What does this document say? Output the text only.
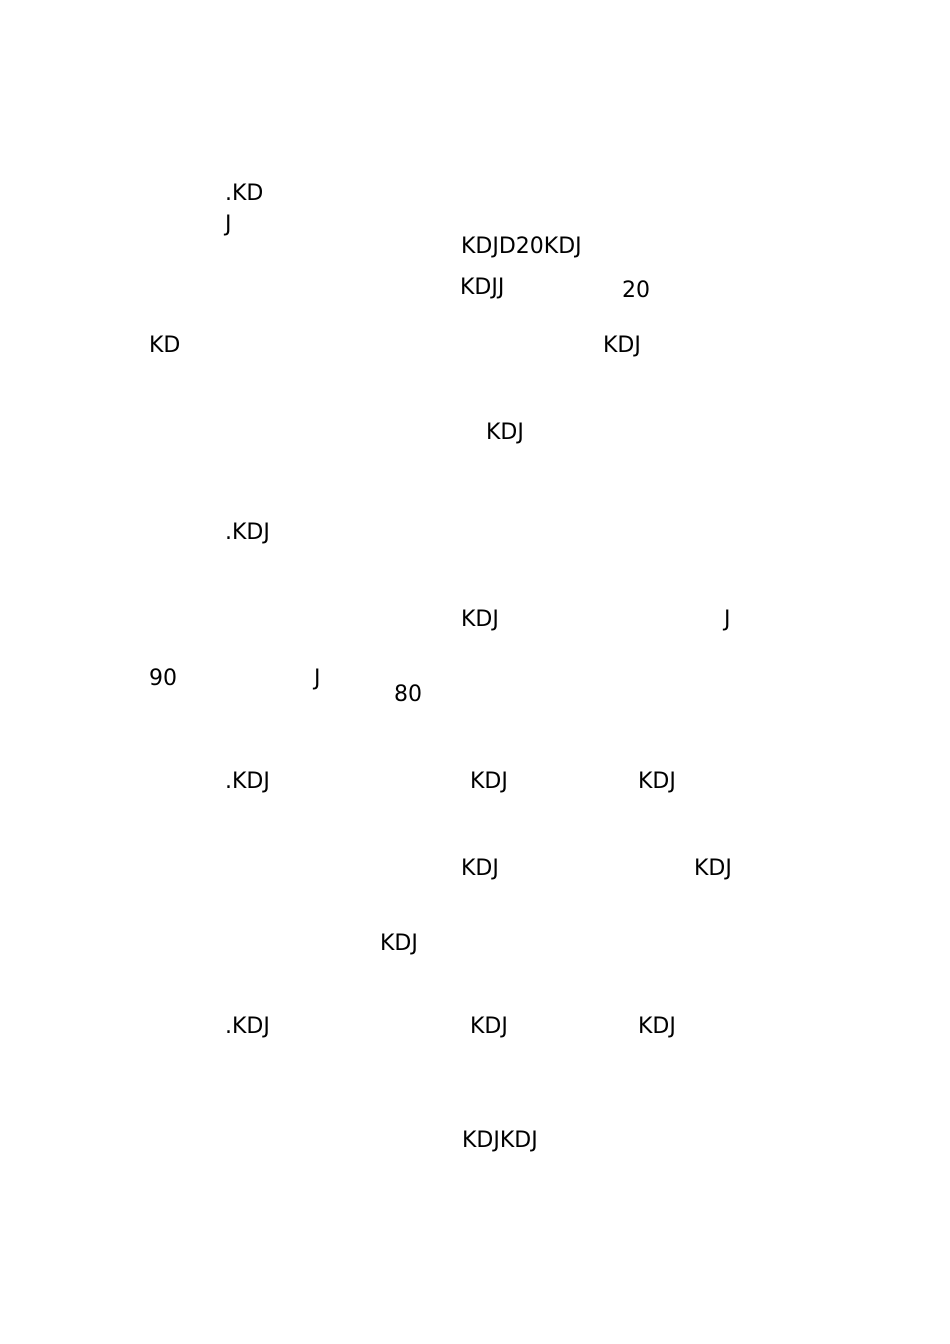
.KD
J
KDJD20KDJ
KDJJ	20
KD	KDJ
KDJ
.KDJ
KDJ	J
90	J
80
.KDJ	KDJ	KDJ
KDJ	KDJ
KDJ
.KDJ	KDJ	KDJ
KDJKDJ
